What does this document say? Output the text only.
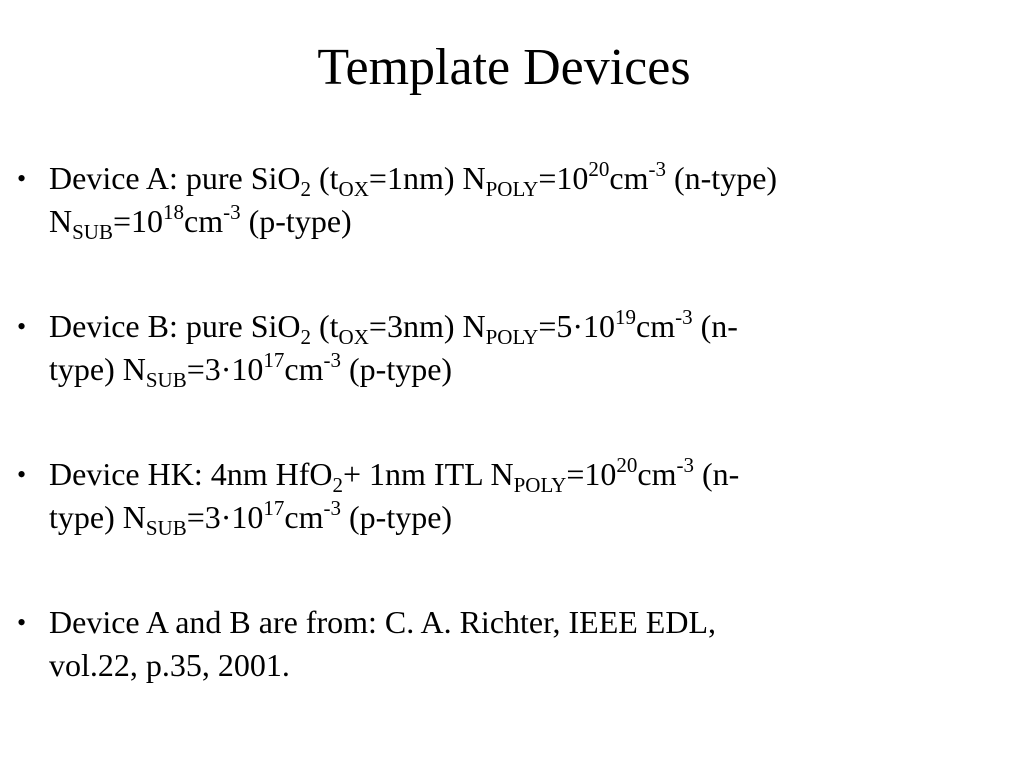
Template Devices
• Device A: pure SiO$_2$ $(t_{OX}=1nm)$ $N_{POLY}=10^{20}cm^{-3}$ (n-type)
$N_{SUB}=10^{18}cm^{-3}$ (p-type)
• Device B: pure SiO$_2$ $(t_{OX}=3nm)$ $N_{POLY}=5\cdot 10^{19}cm^{-3}$ (n-
type) $N_{SUB}=3\cdot 10^{17}cm^{-3}$ (p-type)
• Device HK: 4nm HfO$_2$+ 1nm ITL $N_{POLY}=10^{20}cm^{-3}$ (n-
type) $N_{SUB}=3\cdot 10^{17}cm^{-3}$ (p-type)
• Device A and B are from: C. A. Richter, IEEE EDL,
vol.22, p.35, 2001.
